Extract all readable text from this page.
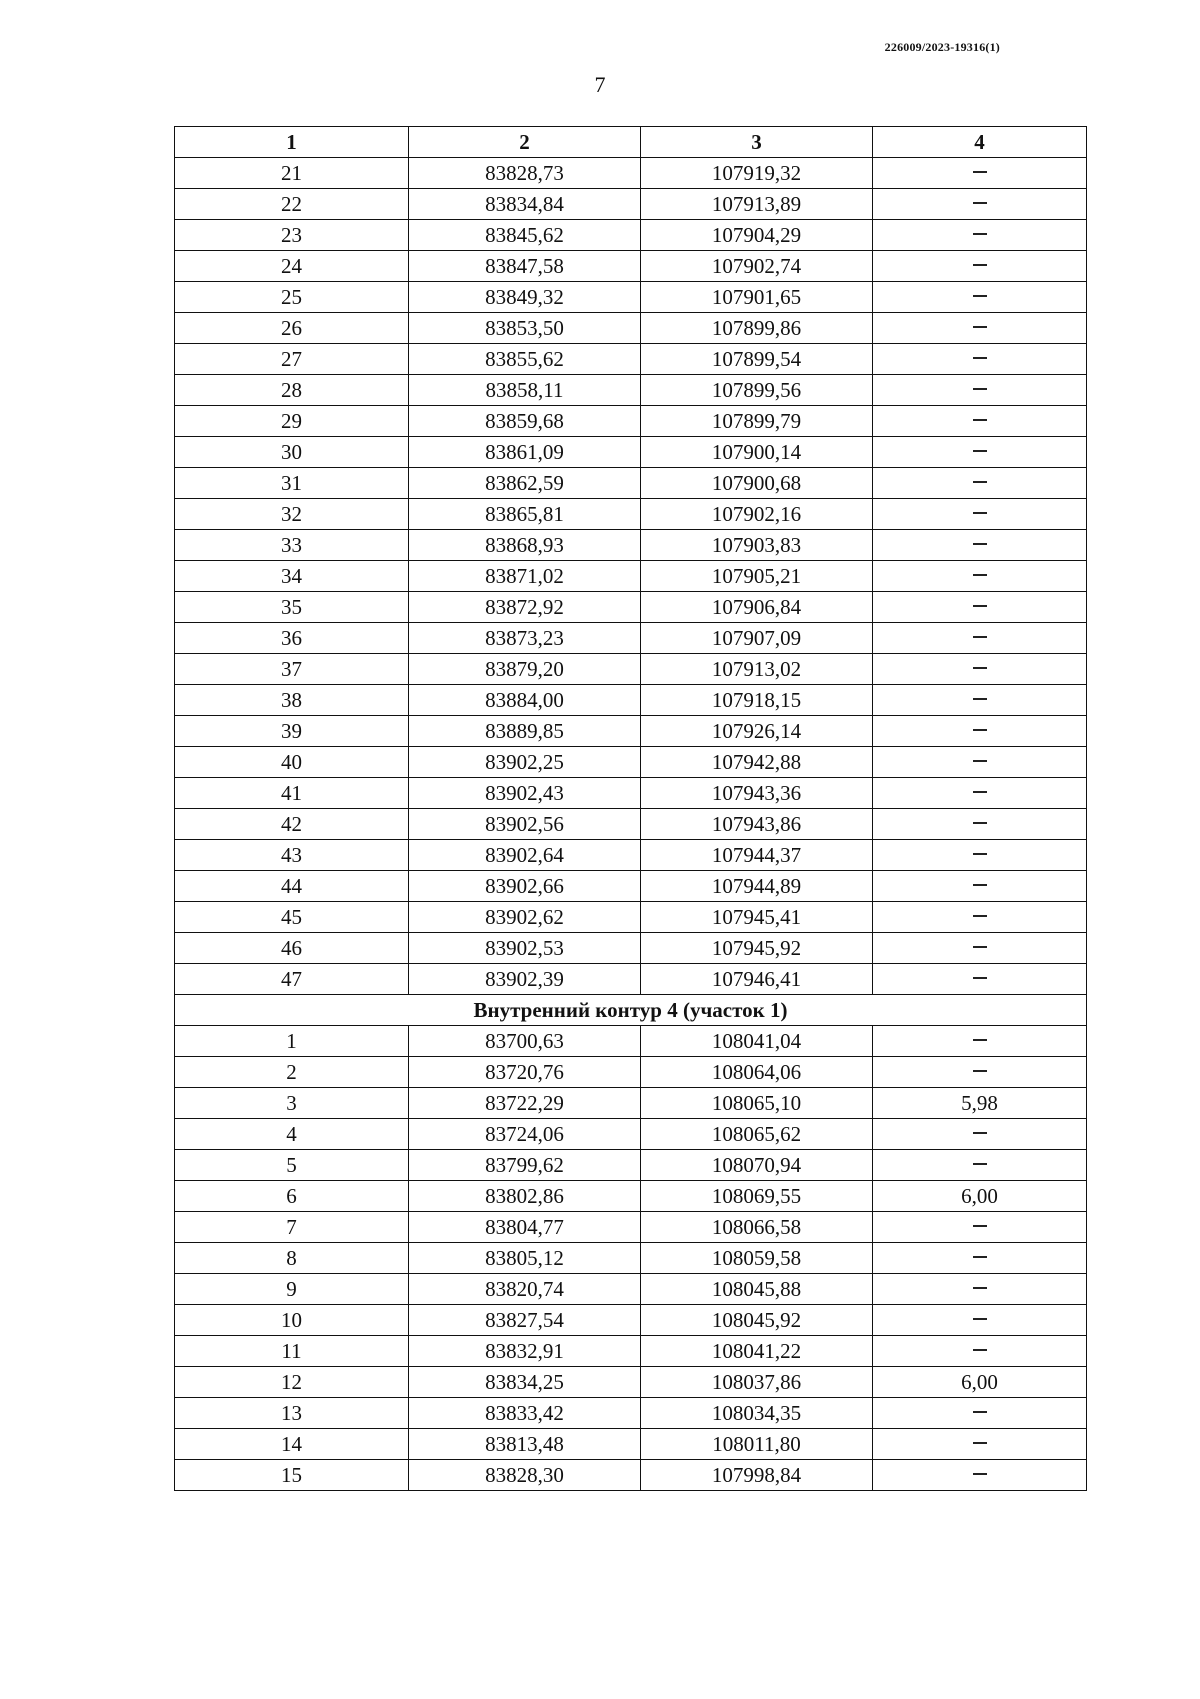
226009/2023-19316(1)
7
1	2	3	4
21	83828,73	107919,32	
22	83834,84	107913,89	
23	83845,62	107904,29	
24	83847,58	107902,74	
25	83849,32	107901,65	
26	83853,50	107899,86	
27	83855,62	107899,54	
28	83858,11	107899,56	
29	83859,68	107899,79	
30	83861,09	107900,14	
31	83862,59	107900,68	
32	83865,81	107902,16	
33	83868,93	107903,83	
34	83871,02	107905,21	
35	83872,92	107906,84	
36	83873,23	107907,09	
37	83879,20	107913,02	
38	83884,00	107918,15	
39	83889,85	107926,14	
40	83902,25	107942,88	
41	83902,43	107943,36	
42	83902,56	107943,86	
43	83902,64	107944,37	
44	83902,66	107944,89	
45	83902,62	107945,41	
46	83902,53	107945,92	
47	83902,39	107946,41	
Внутренний контур 4 (участок 1)			
1	83700,63	108041,04	
2	83720,76	108064,06	
3	83722,29	108065,10	5,98
4	83724,06	108065,62	
5	83799,62	108070,94	
6	83802,86	108069,55	6,00
7	83804,77	108066,58	
8	83805,12	108059,58	
9	83820,74	108045,88	
10	83827,54	108045,92	
11	83832,91	108041,22	
12	83834,25	108037,86	6,00
13	83833,42	108034,35	
14	83813,48	108011,80	
15	83828,30	107998,84	
